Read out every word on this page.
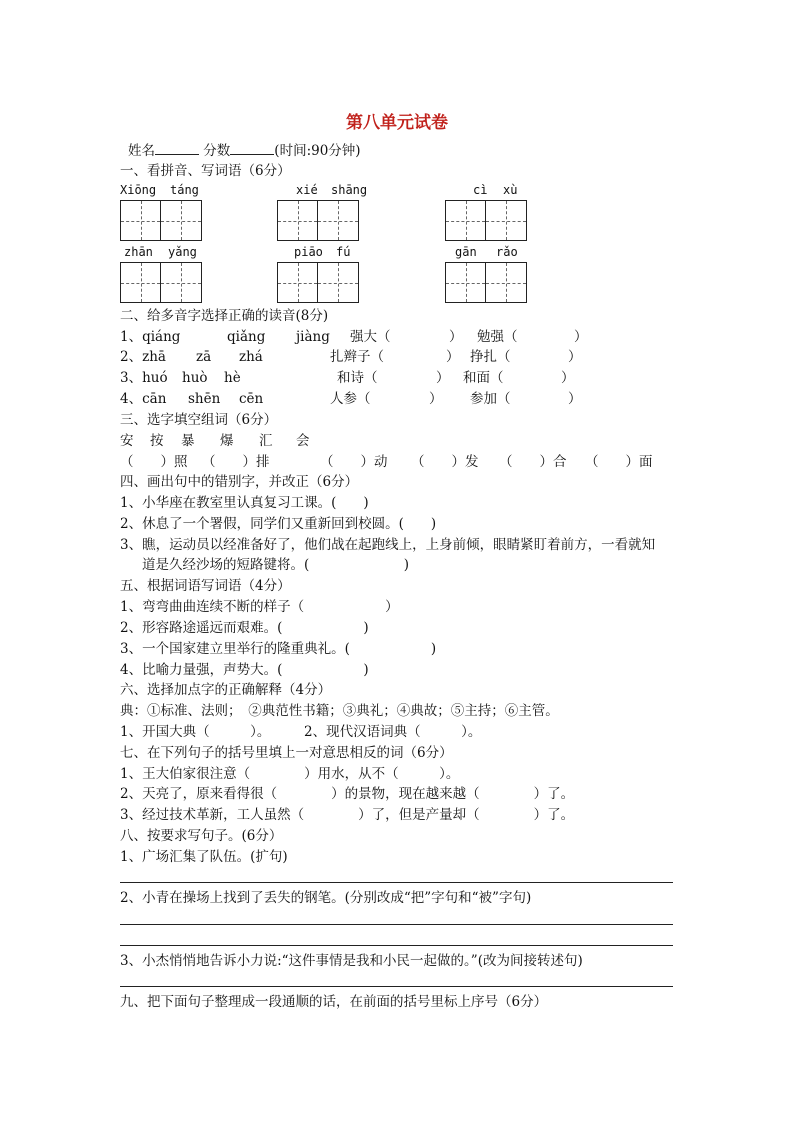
第八单元试卷
姓名	分数	(时间:90分钟)
一、看拼音、写词语（6分）
Xiōng táng	xié shāng	cì xù
zhān yǎng	piāo fú	gān rǎo
二、给多音字选择正确的读音(8分)
1、qiáng	qiǎng jiàng 强大（	） 勉强（	）
2、zhā zā zhá	扎辫子（	） 挣扎（	）
3、huó huò hè	和诗（	） 和面（	）
4、cān shēn cēn	人参（	） 参加（	）
三、选字填空组词（6分）
安 按 暴 爆 汇 会
（　　）照 （　　）排	（　　）动 （　　）发 （　　）合 （　　）面
四、画出句中的错别字，并改正（6分）
1、小华座在教室里认真复习工课。(　　)
2、休息了一个署假，同学们又重新回到校圆。(　　)
3、瞧，运动员以经准备好了，他们战在起跑线上，上身前倾，眼睛紧盯着前方，一看就知
道是久经沙场的短路键将。(　　　　　　　)
五、根据词语写词语（4分）
1、弯弯曲曲连续不断的样子（　　　　　　）
2、形容路途遥远而艰难。(　　　　　　)
3、一个国家建立里举行的隆重典礼。(　　　　　　)
4、比喻力量强，声势大。(　　　　　　)
六、选择加点字的正确解释（4分）
典：①标准、法则；　②典范性书籍；③典礼；④典故；⑤主持；⑥主管。
1、开国大典（　　　）。 2、现代汉语词典（　　　）。
七、在下列句子的括号里填上一对意思相反的词（6分）
1、王大伯家很注意（　　　　）用水，从不（　　　）。
2、天亮了，原来看得很（　　　　）的景物，现在越来越（　　　　）了。
3、经过技术革新，工人虽然（　　　　）了，但是产量却（　　　　）了。
八、按要求写句子。(6分）
1、广场汇集了队伍。(扩句)
2、小青在操场上找到了丢失的钢笔。(分别改成“把”字句和“被”字句)
3、小杰悄悄地告诉小力说:“这件事情是我和小民一起做的。”(改为间接转述句)
九、把下面句子整理成一段通顺的话，在前面的括号里标上序号（6分）
